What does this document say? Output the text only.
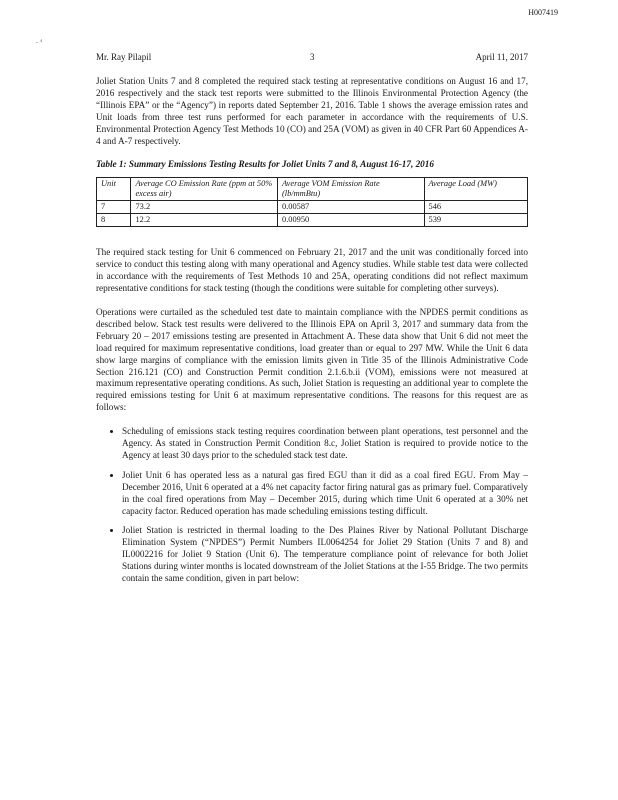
H007419
. ‹
Mr. Ray Pilapil	3	April 11, 2017

Joliet Station Units 7 and 8 completed the required stack testing at representative conditions on August 16 and 17, 2016 respectively and the stack test reports were submitted to the Illinois Environmental Protection Agency (the “Illinois EPA” or the “Agency”) in reports dated September 21, 2016. Table 1 shows the average emission rates and Unit loads from three test runs performed for each parameter in accordance with the requirements of U.S. Environmental Protection Agency Test Methods 10 (CO) and 25A (VOM) as given in 40 CFR Part 60 Appendices A-4 and A-7 respectively.

Table 1: Summary Emissions Testing Results for Joliet Units 7 and 8, August 16-17, 2016
Unit	Average CO Emission Rate (ppm at 50% excess air)	Average VOM Emission Rate (lb/mmBtu)	Average Load (MW)
7	73.2	0.00587	546
8	12.2	0.00950	539

The required stack testing for Unit 6 commenced on February 21, 2017 and the unit was conditionally forced into service to conduct this testing along with many operational and Agency studies. While stable test data were collected in accordance with the requirements of Test Methods 10 and 25A, operating conditions did not reflect maximum representative conditions for stack testing (though the conditions were suitable for completing other surveys).

Operations were curtailed as the scheduled test date to maintain compliance with the NPDES permit conditions as described below. Stack test results were delivered to the Illinois EPA on April 3, 2017 and summary data from the February 20 – 2017 emissions testing are presented in Attachment A. These data show that Unit 6 did not meet the load required for maximum representative conditions, load greater than or equal to 297 MW. While the Unit 6 data show large margins of compliance with the emission limits given in Title 35 of the Illinois Administrative Code Section 216.121 (CO) and Construction Permit condition 2.1.6.b.ii (VOM), emissions were not measured at maximum representative operating conditions. As such, Joliet Station is requesting an additional year to complete the required emissions testing for Unit 6 at maximum representative conditions. The reasons for this request are as follows:

• Scheduling of emissions stack testing requires coordination between plant operations, test personnel and the Agency. As stated in Construction Permit Condition 8.c, Joliet Station is required to provide notice to the Agency at least 30 days prior to the scheduled stack test date.
• Joliet Unit 6 has operated less as a natural gas fired EGU than it did as a coal fired EGU. From May – December 2016, Unit 6 operated at a 4% net capacity factor firing natural gas as primary fuel. Comparatively in the coal fired operations from May – December 2015, during which time Unit 6 operated at a 30% net capacity factor. Reduced operation has made scheduling emissions testing difficult.
• Joliet Station is restricted in thermal loading to the Des Plaines River by National Pollutant Discharge Elimination System (“NPDES”) Permit Numbers IL0064254 for Joliet 29 Station (Units 7 and 8) and IL0002216 for Joliet 9 Station (Unit 6). The temperature compliance point of relevance for both Joliet Stations during winter months is located downstream of the Joliet Stations at the I-55 Bridge. The two permits contain the same condition, given in part below:
